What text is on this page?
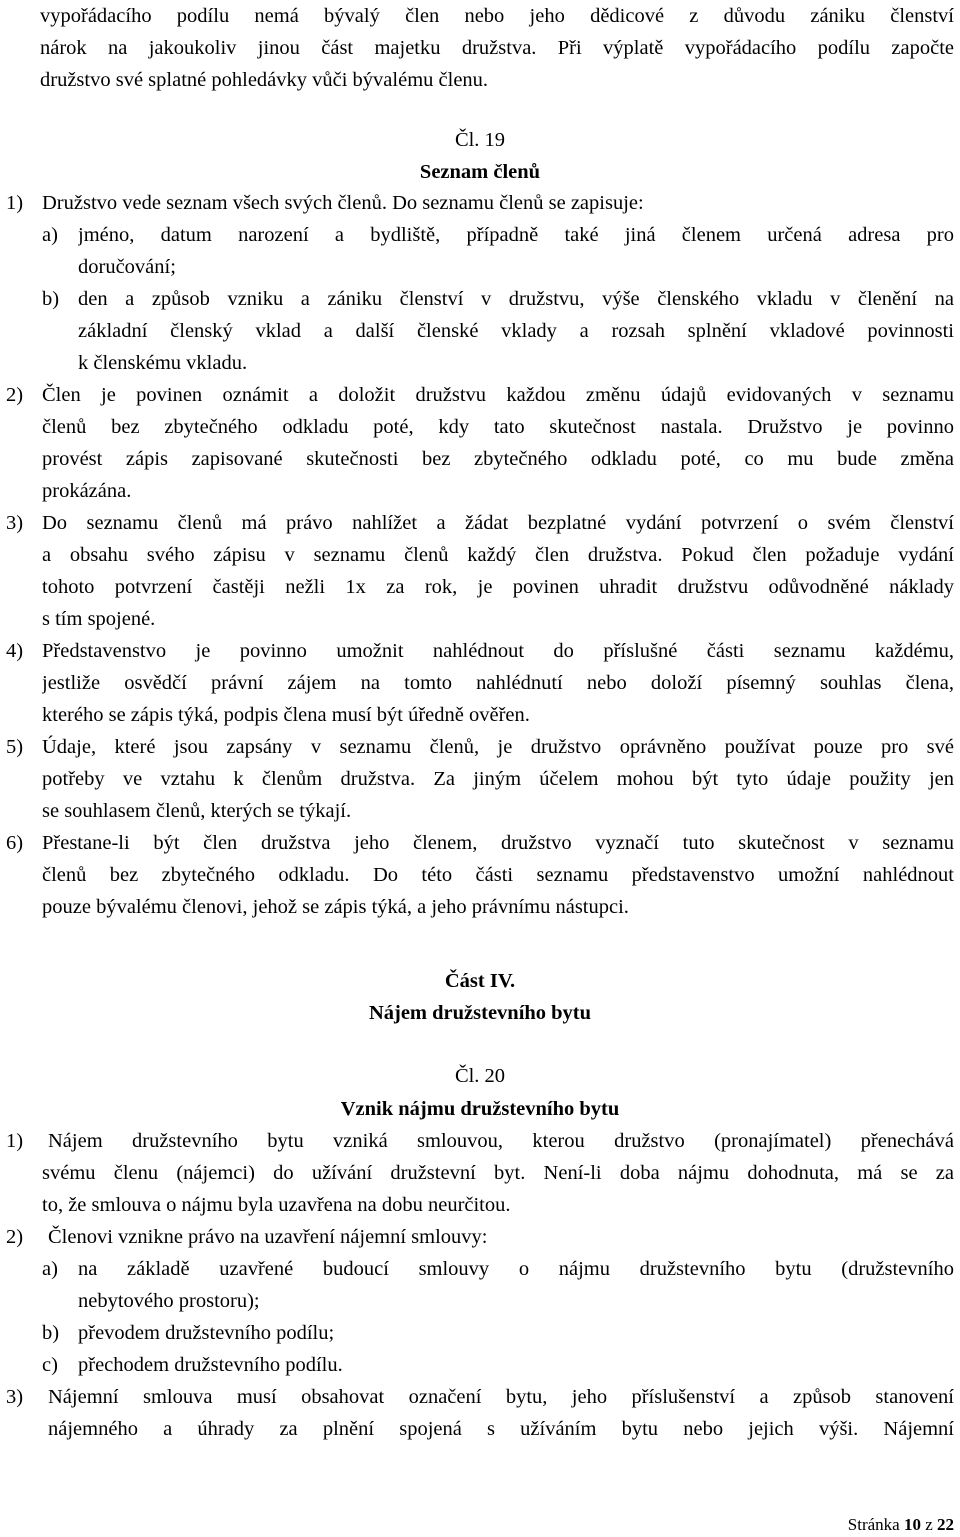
vypořádacího podílu nemá bývalý člen nebo jeho dědicové z důvodu zániku členství
nárok na jakoukoliv jinou část majetku družstva. Při výplatě vypořádacího podílu započte
družstvo své splatné pohledávky vůči bývalému členu.
Čl. 19
Seznam členů
1) Družstvo vede seznam všech svých členů. Do seznamu členů se zapisuje:
a) jméno, datum narození a bydliště, případně také jiná členem určená adresa pro
doručování;
b) den a způsob vzniku a zániku členství v družstvu, výše členského vkladu v členění na
základní členský vklad a další členské vklady a rozsah splnění vkladové povinnosti
k členskému vkladu.
2) Člen je povinen oznámit a doložit družstvu každou změnu údajů evidovaných v seznamu
členů bez zbytečného odkladu poté, kdy tato skutečnost nastala. Družstvo je povinno
provést zápis zapisované skutečnosti bez zbytečného odkladu poté, co mu bude změna
prokázána.
3) Do seznamu členů má právo nahlížet a žádat bezplatné vydání potvrzení o svém členství
a obsahu svého zápisu v seznamu členů každý člen družstva. Pokud člen požaduje vydání
tohoto potvrzení častěji nežli 1x za rok, je povinen uhradit družstvu odůvodněné náklady
s tím spojené.
4) Představenstvo je povinno umožnit nahlédnout do příslušné části seznamu každému,
jestliže osvědčí právní zájem na tomto nahlédnutí nebo doloží písemný souhlas člena,
kterého se zápis týká, podpis člena musí být úředně ověřen.
5) Údaje, které jsou zapsány v seznamu členů, je družstvo oprávněno používat pouze pro své
potřeby ve vztahu k členům družstva. Za jiným účelem mohou být tyto údaje použity jen
se souhlasem členů, kterých se týkají.
6) Přestane-li být člen družstva jeho členem, družstvo vyznačí tuto skutečnost v seznamu
členů bez zbytečného odkladu. Do této části seznamu představenstvo umožní nahlédnout
pouze bývalému členovi, jehož se zápis týká, a jeho právnímu nástupci.
Část IV.
Nájem družstevního bytu
Čl. 20
Vznik nájmu družstevního bytu
1) Nájem družstevního bytu vzniká smlouvou, kterou družstvo (pronajímatel) přenechává
svému členu (nájemci) do užívání družstevní byt. Není-li doba nájmu dohodnuta, má se za
to, že smlouva o nájmu byla uzavřena na dobu neurčitou.
2) Členovi vznikne právo na uzavření nájemní smlouvy:
a) na základě uzavřené budoucí smlouvy o nájmu družstevního bytu (družstevního
nebytového prostoru);
b) převodem družstevního podílu;
c) přechodem družstevního podílu.
3) Nájemní smlouva musí obsahovat označení bytu, jeho příslušenství a způsob stanovení
nájemného a úhrady za plnění spojená s užíváním bytu nebo jejich výši. Nájemní
Stránka 10 z 22
